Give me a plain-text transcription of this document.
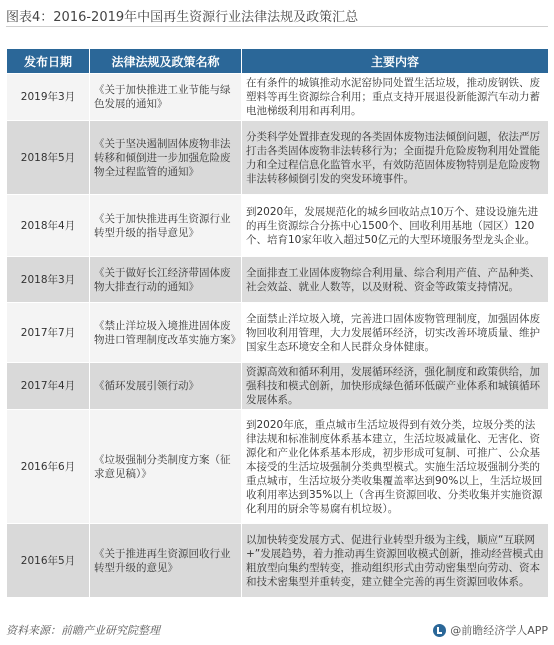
图表4：2016-2019年中国再生资源行业法律法规及政策汇总
发布日期	法律法规及政策名称	主要内容
2019年3月	《关于加快推进工业节能与绿色发展的通知》	在有条件的城镇推动水泥窑协同处置生活垃圾，推动废钢铁、废塑料等再生资源综合利用；重点支持开展退役新能源汽车动力蓄电池梯级利用和再利用。
2018年5月	《关于坚决遏制固体废物非法转移和倾倒进一步加强危险废物全过程监管的通知》	分类科学处置排查发现的各类固体废物违法倾倒问题，依法严厉打击各类固体废物非法转移行为；全面提升危险废物利用处置能力和全过程信息化监管水平，有效防范固体废物特别是危险废物非法转移倾倒引发的突发环境事件。
2018年4月	《关于加快推进再生资源行业转型升级的指导意见》	到2020年，发展规范化的城乡回收站点10万个、建设设施先进的再生资源综合分拣中心1500个、回收利用基地（园区）120个、培育10家年收入超过50亿元的大型环境服务型龙头企业。
2018年3月	《关于做好长江经济带固体废物大排查行动的通知》	全面排查工业固体废物综合利用量、综合利用产值、产品种类、社会效益、就业人数等，以及财税、资金等政策支持情况。
2017年7月	《禁止洋垃圾入境推进固体废物进口管理制度改革实施方案》	全面禁止洋垃圾入境，完善进口固体废物管理制度，加强固体废物回收利用管理，大力发展循环经济，切实改善环境质量、维护国家生态环境安全和人民群众身体健康。
2017年4月	《循环发展引领行动》	资源高效和循环利用，发展循环经济，强化制度和政策供给，加强科技和模式创新，加快形成绿色循环低碳产业体系和城镇循环发展体系。
2016年6月	《垃圾强制分类制度方案（征求意见稿）》	到2020年底，重点城市生活垃圾得到有效分类，垃圾分类的法律法规和标准制度体系基本建立，生活垃圾减量化、无害化、资源化和产业化体系基本形成，初步形成可复制、可推广、公众基本接受的生活垃圾强制分类典型模式。实施生活垃圾强制分类的重点城市，生活垃圾分类收集覆盖率达到90%以上，生活垃圾回收利用率达到35%以上（含再生资源回收、分类收集并实施资源化利用的厨余等易腐有机垃圾）。
2016年5月	《关于推进再生资源回收行业转型升级的意见》	以加快转变发展方式、促进行业转型升级为主线，顺应“互联网+”发展趋势，着力推动再生资源回收模式创新，推动经营模式由粗放型向集约型转变，推动组织形式由劳动密集型向劳动、资本和技术密集型并重转变，建立健全完善的再生资源回收体系。
资料来源：前瞻产业研究院整理	@前瞻经济学人APP
